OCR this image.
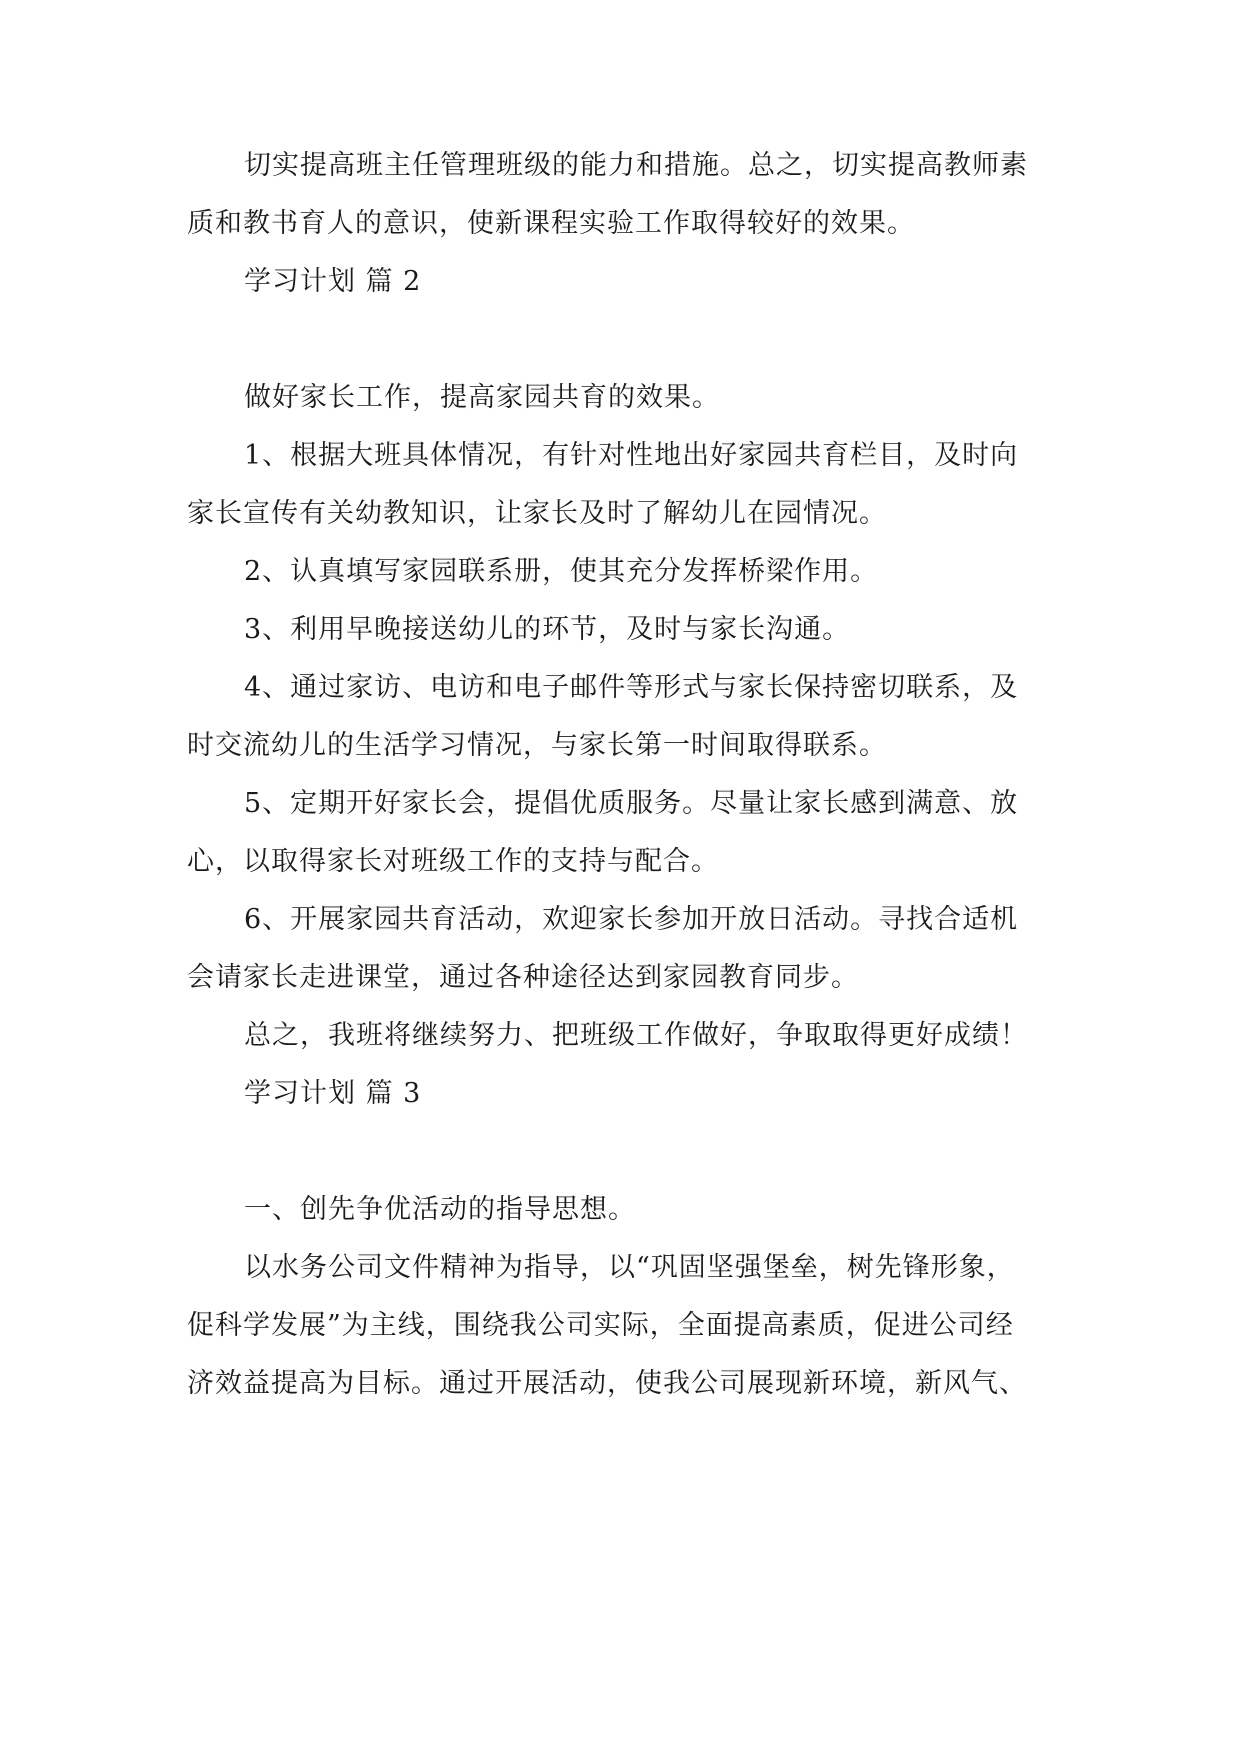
切实提高班主任管理班级的能力和措施。总之，切实提高教师素

质和教书育人的意识，使新课程实验工作取得较好的效果。

学习计划 篇 2

做好家长工作，提高家园共育的效果。

1、根据大班具体情况，有针对性地出好家园共育栏目，及时向

家长宣传有关幼教知识，让家长及时了解幼儿在园情况。

2、认真填写家园联系册，使其充分发挥桥梁作用。

3、利用早晚接送幼儿的环节，及时与家长沟通。

4、通过家访、电访和电子邮件等形式与家长保持密切联系，及

时交流幼儿的生活学习情况，与家长第一时间取得联系。

5、定期开好家长会，提倡优质服务。尽量让家长感到满意、放

心，以取得家长对班级工作的支持与配合。

6、开展家园共育活动，欢迎家长参加开放日活动。寻找合适机

会请家长走进课堂，通过各种途径达到家园教育同步。

总之，我班将继续努力、把班级工作做好，争取取得更好成绩！

学习计划 篇 3

一、创先争优活动的指导思想。

以水务公司文件精神为指导，以“巩固坚强堡垒，树先锋形象，

促科学发展”为主线，围绕我公司实际，全面提高素质，促进公司经

济效益提高为目标。通过开展活动，使我公司展现新环境，新风气、
